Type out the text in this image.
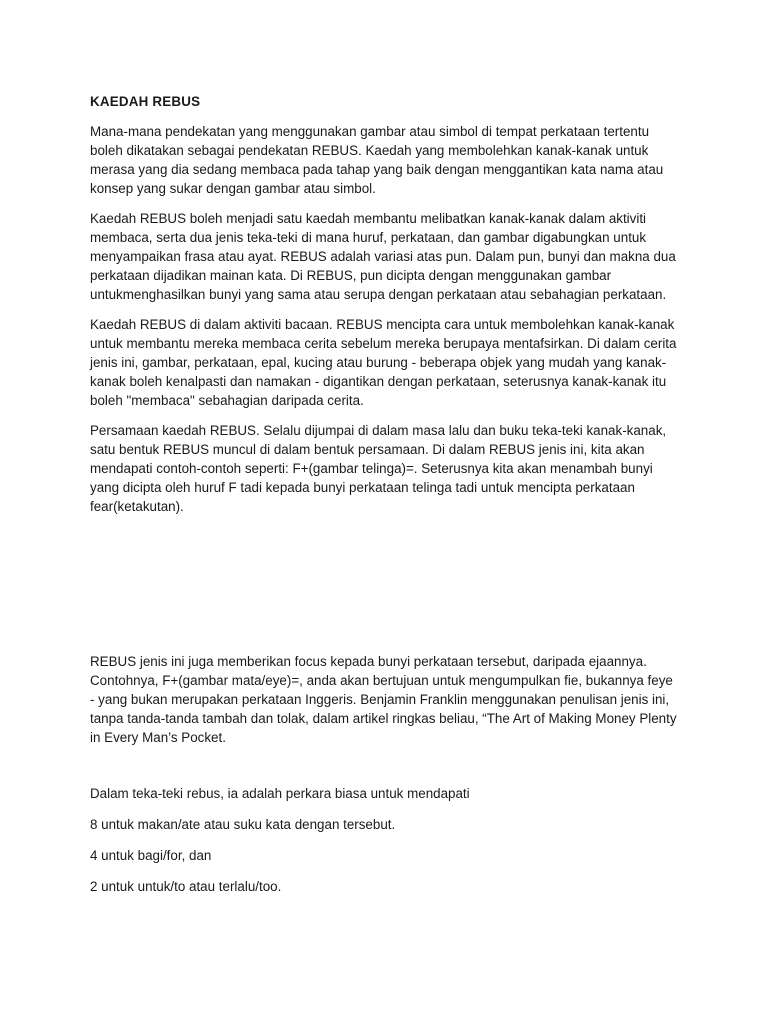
KAEDAH REBUS

Mana-mana pendekatan yang menggunakan gambar atau simbol di tempat perkataan tertentu boleh dikatakan sebagai pendekatan REBUS. Kaedah yang membolehkan kanak-kanak untuk merasa yang dia sedang membaca pada tahap yang baik dengan menggantikan kata nama atau konsep yang sukar dengan gambar atau simbol.

Kaedah REBUS boleh menjadi satu kaedah membantu melibatkan kanak-kanak dalam aktiviti membaca, serta dua jenis teka-teki di mana huruf, perkataan, dan gambar digabungkan untuk menyampaikan frasa atau ayat. REBUS adalah variasi atas pun. Dalam pun, bunyi dan makna dua perkataan dijadikan mainan kata. Di REBUS, pun dicipta dengan menggunakan gambar untukmenghasilkan bunyi yang sama atau serupa dengan perkataan atau sebahagian perkataan.

Kaedah REBUS di dalam aktiviti bacaan. REBUS mencipta cara untuk membolehkan kanak-kanak untuk membantu mereka membaca cerita sebelum mereka berupaya mentafsirkan. Di dalam cerita jenis ini, gambar, perkataan, epal, kucing atau burung - beberapa objek yang mudah yang kanak-kanak boleh kenalpasti dan namakan - digantikan dengan perkataan, seterusnya kanak-kanak itu boleh "membaca" sebahagian daripada cerita.

Persamaan kaedah REBUS. Selalu dijumpai di dalam masa lalu dan buku teka-teki kanak-kanak, satu bentuk REBUS muncul di dalam bentuk persamaan. Di dalam REBUS jenis ini, kita akan mendapati contoh-contoh seperti: F+(gambar telinga)=. Seterusnya kita akan menambah bunyi yang dicipta oleh huruf F tadi kepada bunyi perkataan telinga tadi untuk mencipta perkataan fear(ketakutan).

REBUS jenis ini juga memberikan focus kepada bunyi perkataan tersebut, daripada ejaannya. Contohnya, F+(gambar mata/eye)=, anda akan bertujuan untuk mengumpulkan fie, bukannya feye - yang bukan merupakan perkataan Inggeris. Benjamin Franklin menggunakan penulisan jenis ini, tanpa tanda-tanda tambah dan tolak, dalam artikel ringkas beliau, “The Art of Making Money Plenty in Every Man’s Pocket.

Dalam teka-teki rebus, ia adalah perkara biasa untuk mendapati

8 untuk makan/ate atau suku kata dengan tersebut.

4 untuk bagi/for, dan

2 untuk untuk/to atau terlalu/too.
